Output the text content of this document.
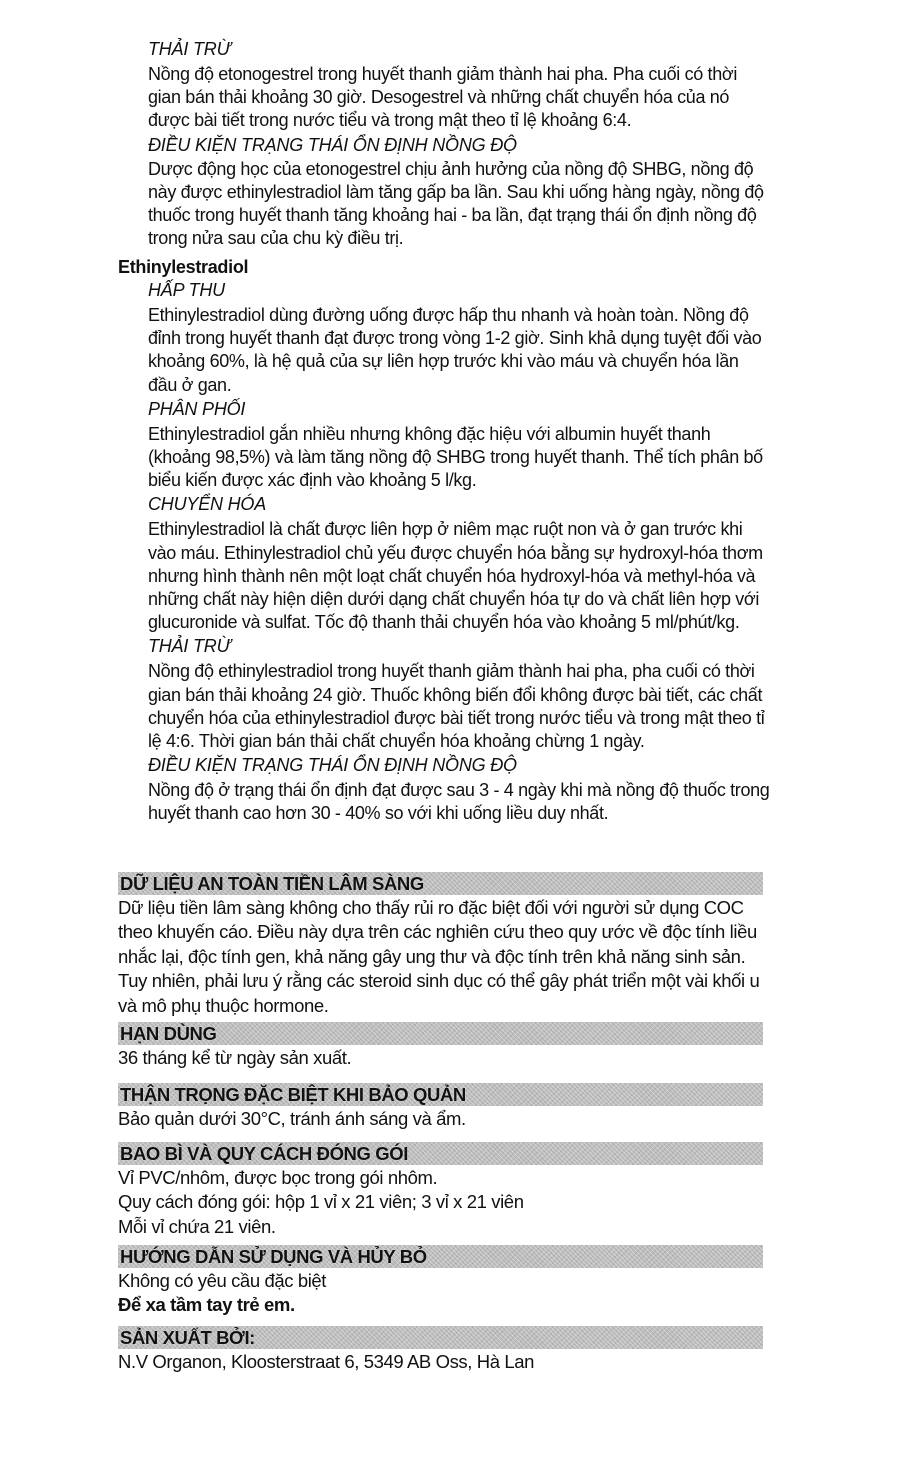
THẢI TRỪ

Nồng độ etonogestrel trong huyết thanh giảm thành hai pha. Pha cuối có thời gian bán thải khoảng 30 giờ. Desogestrel và những chất chuyển hóa của nó được bài tiết trong nước tiểu và trong mật theo tỉ lệ khoảng 6:4.

ĐIỀU KIỆN TRẠNG THÁI ỔN ĐỊNH NỒNG ĐỘ

Dược động học của etonogestrel chịu ảnh hưởng của nồng độ SHBG, nồng độ này được ethinylestradiol làm tăng gấp ba lần. Sau khi uống hàng ngày, nồng độ thuốc trong huyết thanh tăng khoảng hai - ba lần, đạt trạng thái ổn định nồng độ trong nửa sau của chu kỳ điều trị.

Ethinylestradiol

HẤP THU

Ethinylestradiol dùng đường uống được hấp thu nhanh và hoàn toàn. Nồng độ đỉnh trong huyết thanh đạt được trong vòng 1-2 giờ. Sinh khả dụng tuyệt đối vào khoảng 60%, là hệ quả của sự liên hợp trước khi vào máu và chuyển hóa lần đầu ở gan.

PHÂN PHỐI

Ethinylestradiol gắn nhiều nhưng không đặc hiệu với albumin huyết thanh (khoảng 98,5%) và làm tăng nồng độ SHBG trong huyết thanh. Thể tích phân bố biểu kiến được xác định vào khoảng 5 l/kg.

CHUYỂN HÓA

Ethinylestradiol là chất được liên hợp ở niêm mạc ruột non và ở gan trước khi vào máu. Ethinylestradiol chủ yếu được chuyển hóa bằng sự hydroxyl-hóa thơm nhưng hình thành nên một loạt chất chuyển hóa hydroxyl-hóa và methyl-hóa và những chất này hiện diện dưới dạng chất chuyển hóa tự do và chất liên hợp với glucuronide và sulfat. Tốc độ thanh thải chuyển hóa vào khoảng 5 ml/phút/kg.

THẢI TRỪ

Nồng độ ethinylestradiol trong huyết thanh giảm thành hai pha, pha cuối có thời gian bán thải khoảng 24 giờ. Thuốc không biến đổi không được bài tiết, các chất chuyển hóa của ethinylestradiol được bài tiết trong nước tiểu và trong mật theo tỉ lệ 4:6. Thời gian bán thải chất chuyển hóa khoảng chừng 1 ngày.

ĐIỀU KIỆN TRẠNG THÁI ỔN ĐỊNH NỒNG ĐỘ

Nồng độ ở trạng thái ổn định đạt được sau 3 - 4 ngày khi mà nồng độ thuốc trong huyết thanh cao hơn 30 - 40% so với khi uống liều duy nhất.

DỮ LIỆU AN TOÀN TIỀN LÂM SÀNG

Dữ liệu tiền lâm sàng không cho thấy rủi ro đặc biệt đối với người sử dụng COC theo khuyến cáo. Điều này dựa trên các nghiên cứu theo quy ước về độc tính liều nhắc lại, độc tính gen, khả năng gây ung thư và độc tính trên khả năng sinh sản. Tuy nhiên, phải lưu ý rằng các steroid sinh dục có thể gây phát triển một vài khối u và mô phụ thuộc hormone.

HẠN DÙNG

36 tháng kể từ ngày sản xuất.

THẬN TRỌNG ĐẶC BIỆT KHI BẢO QUẢN

Bảo quản dưới 30°C, tránh ánh sáng và ẩm.

BAO BÌ VÀ QUY CÁCH ĐÓNG GÓI

Vỉ PVC/nhôm, được bọc trong gói nhôm.

Quy cách đóng gói: hộp 1 vỉ x 21 viên; 3 vỉ x 21 viên

Mỗi vỉ chứa 21 viên.

HƯỚNG DẪN SỬ DỤNG VÀ HỦY BỎ

Không có yêu cầu đặc biệt

Để xa tầm tay trẻ em.

SẢN XUẤT BỞI:

N.V Organon, Kloosterstraat 6, 5349 AB Oss, Hà Lan
